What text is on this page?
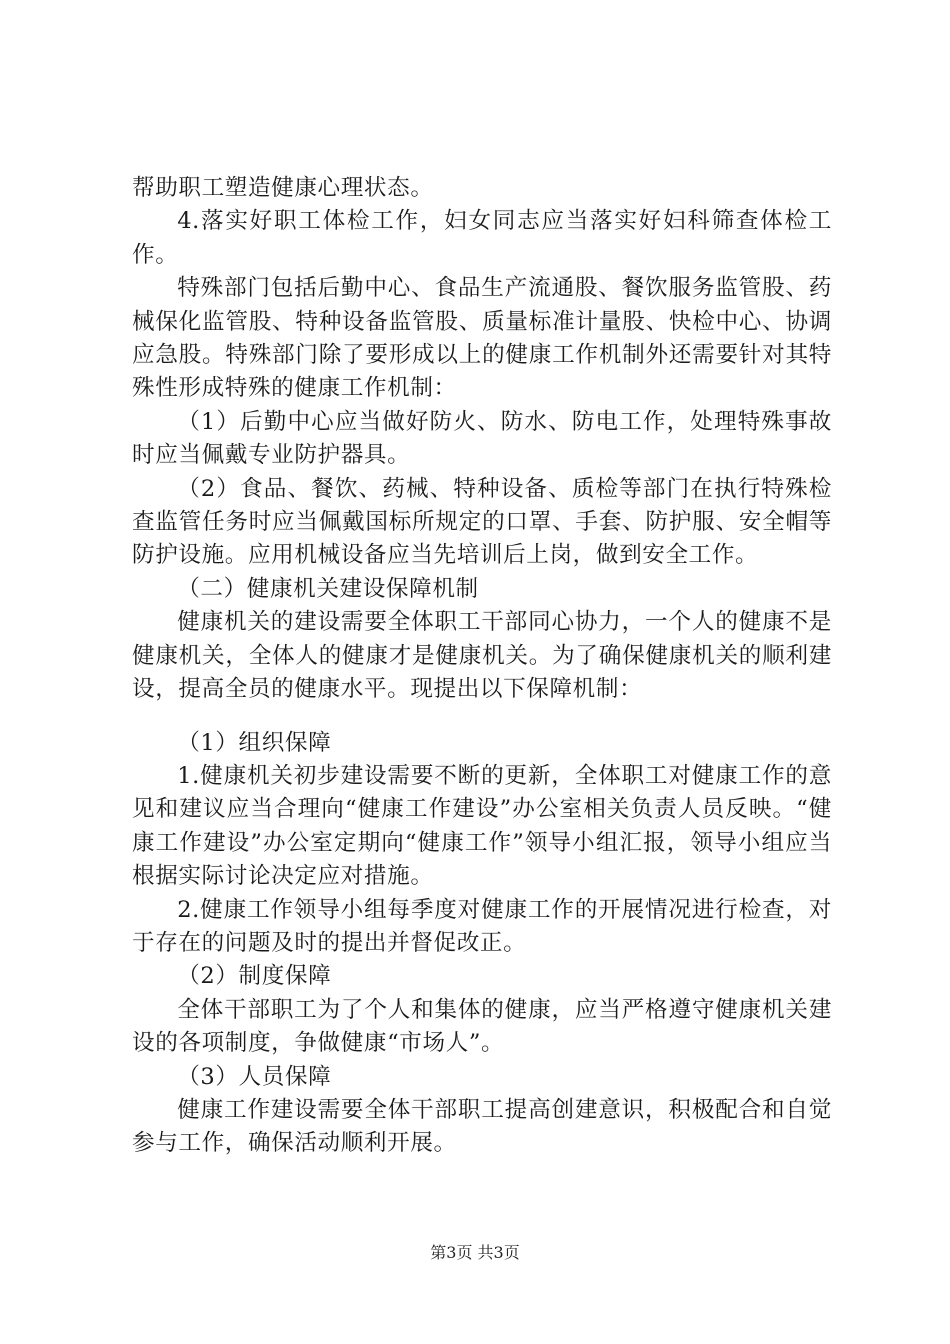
帮助职工塑造健康心理状态。

4.落实好职工体检工作，妇女同志应当落实好妇科筛查体检工作。

特殊部门包括后勤中心、食品生产流通股、餐饮服务监管股、药械保化监管股、特种设备监管股、质量标准计量股、快检中心、协调应急股。特殊部门除了要形成以上的健康工作机制外还需要针对其特殊性形成特殊的健康工作机制：

（1）后勤中心应当做好防火、防水、防电工作，处理特殊事故时应当佩戴专业防护器具。

（2）食品、餐饮、药械、特种设备、质检等部门在执行特殊检查监管任务时应当佩戴国标所规定的口罩、手套、防护服、安全帽等防护设施。应用机械设备应当先培训后上岗，做到安全工作。

（二）健康机关建设保障机制

健康机关的建设需要全体职工干部同心协力，一个人的健康不是健康机关，全体人的健康才是健康机关。为了确保健康机关的顺利建设，提高全员的健康水平。现提出以下保障机制：

（1）组织保障

1.健康机关初步建设需要不断的更新，全体职工对健康工作的意见和建议应当合理向“健康工作建设”办公室相关负责人员反映。“健康工作建设”办公室定期向“健康工作”领导小组汇报，领导小组应当根据实际讨论决定应对措施。

2.健康工作领导小组每季度对健康工作的开展情况进行检查，对于存在的问题及时的提出并督促改正。

（2）制度保障

全体干部职工为了个人和集体的健康，应当严格遵守健康机关建设的各项制度，争做健康“市场人”。

（3）人员保障

健康工作建设需要全体干部职工提高创建意识，积极配合和自觉参与工作，确保活动顺利开展。

第3页 共3页
